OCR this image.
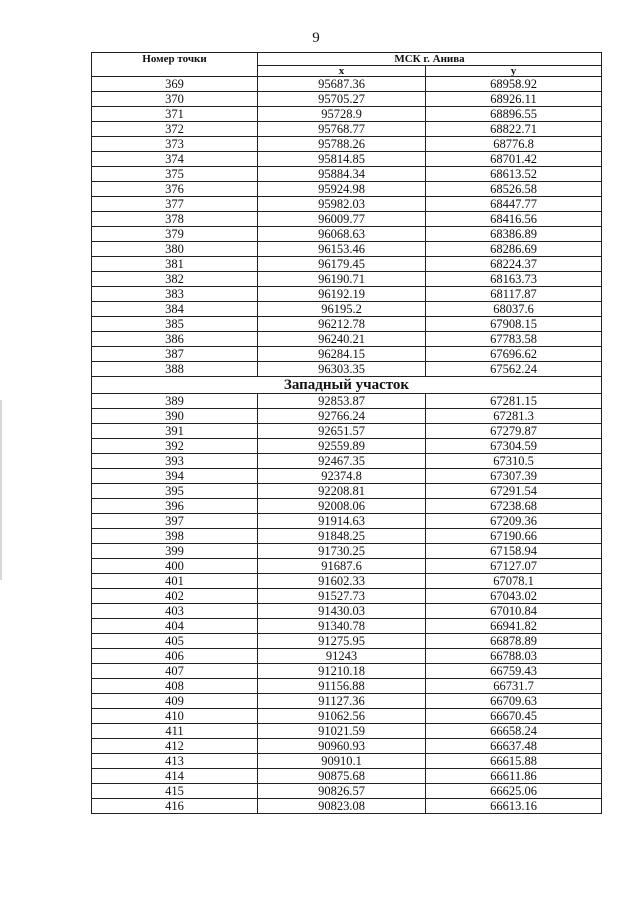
9
Номер точки	МСК г. Анива	
	x	y
369	95687.36	68958.92
370	95705.27	68926.11
371	95728.9	68896.55
372	95768.77	68822.71
373	95788.26	68776.8
374	95814.85	68701.42
375	95884.34	68613.52
376	95924.98	68526.58
377	95982.03	68447.77
378	96009.77	68416.56
379	96068.63	68386.89
380	96153.46	68286.69
381	96179.45	68224.37
382	96190.71	68163.73
383	96192.19	68117.87
384	96195.2	68037.6
385	96212.78	67908.15
386	96240.21	67783.58
387	96284.15	67696.62
388	96303.35	67562.24
Западный участок		
389	92853.87	67281.15
390	92766.24	67281.3
391	92651.57	67279.87
392	92559.89	67304.59
393	92467.35	67310.5
394	92374.8	67307.39
395	92208.81	67291.54
396	92008.06	67238.68
397	91914.63	67209.36
398	91848.25	67190.66
399	91730.25	67158.94
400	91687.6	67127.07
401	91602.33	67078.1
402	91527.73	67043.02
403	91430.03	67010.84
404	91340.78	66941.82
405	91275.95	66878.89
406	91243	66788.03
407	91210.18	66759.43
408	91156.88	66731.7
409	91127.36	66709.63
410	91062.56	66670.45
411	91021.59	66658.24
412	90960.93	66637.48
413	90910.1	66615.88
414	90875.68	66611.86
415	90826.57	66625.06
416	90823.08	66613.16
